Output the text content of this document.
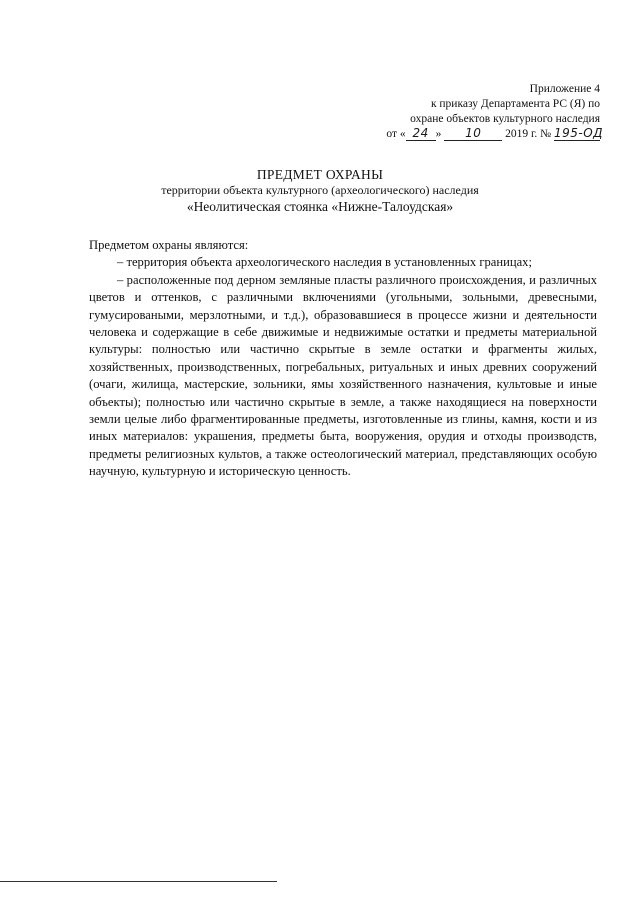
Приложение 4
к приказу Департамента РС (Я) по
охране объектов культурного наследия
от « 24 » 10 2019 г. № 195-ОД
ПРЕДМЕТ ОХРАНЫ
территории объекта культурного (археологического) наследия
«Неолитическая стоянка «Нижне-Талоудская»

Предметом охраны являются:

– территория объекта археологического наследия в установленных границах;

– расположенные под дерном земляные пласты различного происхождения, и различных цветов и оттенков, с различными включениями (угольными, зольными, древесными, гумусироваными, мерзлотными, и т.д.), образовавшиеся в процессе жизни и деятельности человека и содержащие в себе движимые и недвижимые остатки и предметы материальной культуры: полностью или частично скрытые в земле остатки и фрагменты жилых, хозяйственных, производственных, погребальных, ритуальных и иных древних сооружений (очаги, жилища, мастерские, зольники, ямы хозяйственного назначения, культовые и иные объекты); полностью или частично скрытые в земле, а также находящиеся на поверхности земли целые либо фрагментированные предметы, изготовленные из глины, камня, кости и из иных материалов: украшения, предметы быта, вооружения, орудия и отходы производств, предметы религиозных культов, а также остеологический материал, представляющих особую научную, культурную и историческую ценность.
